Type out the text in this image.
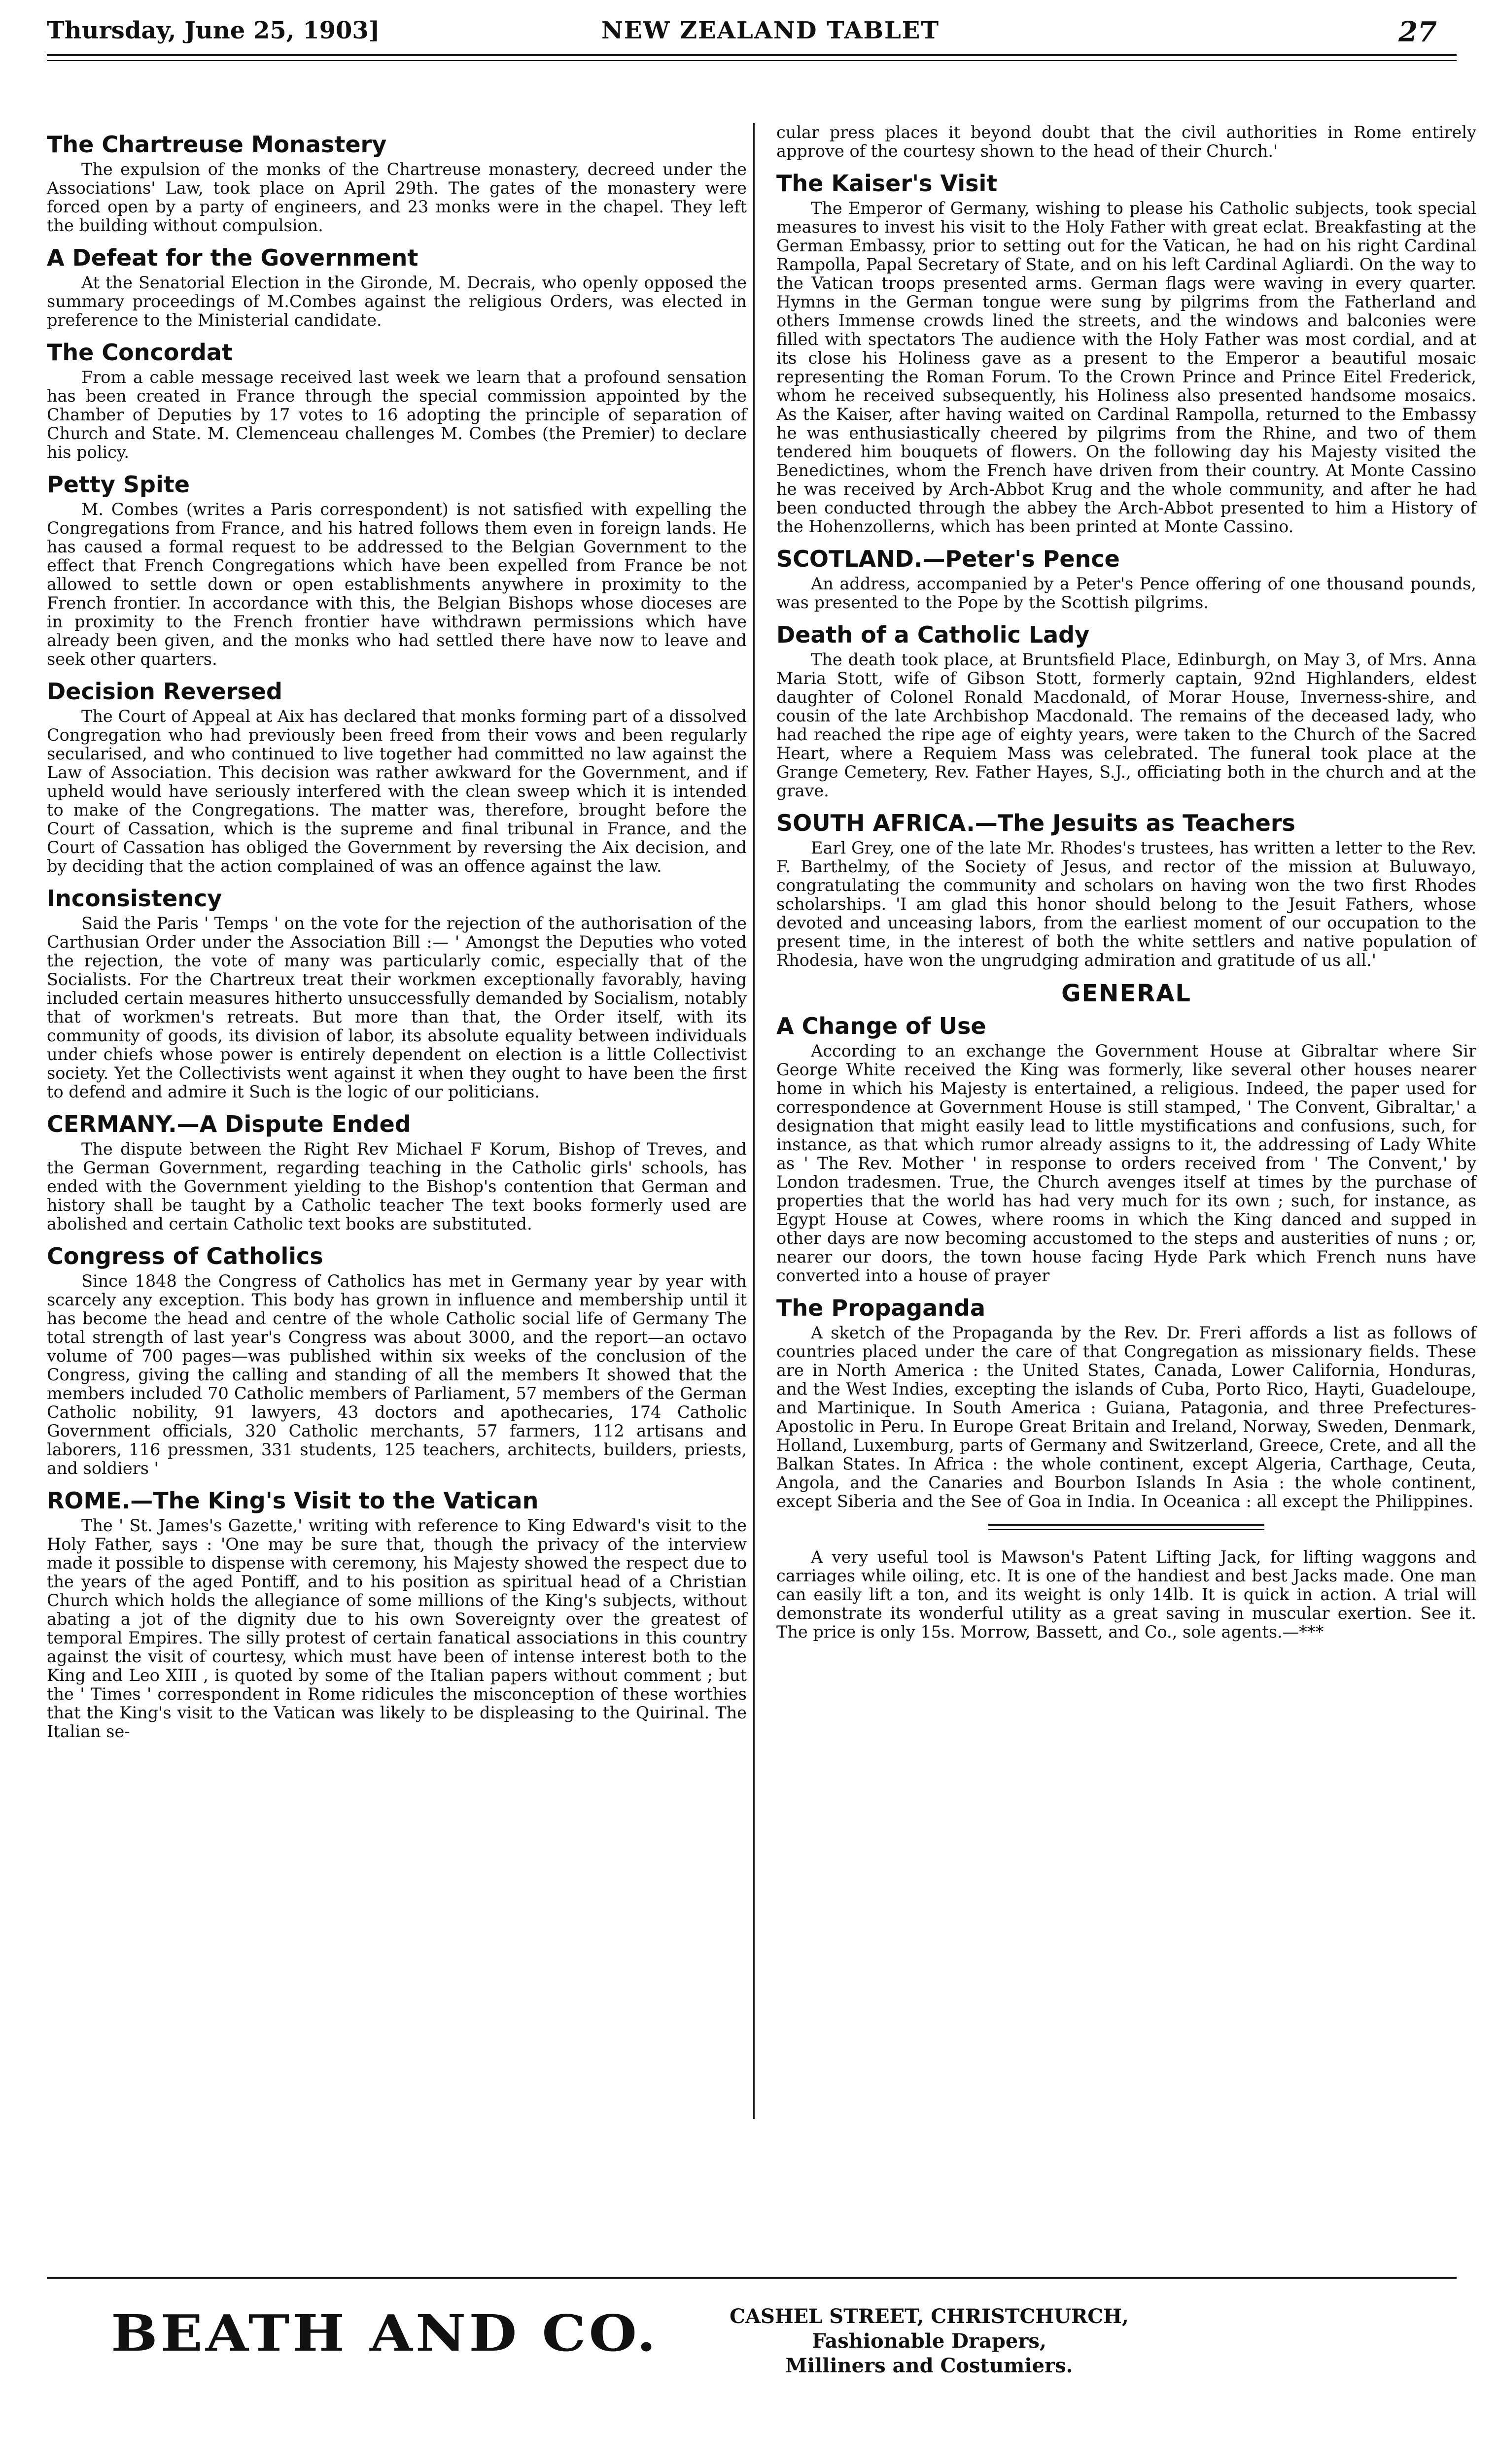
Thursday, June 25, 1903]	NEW ZEALAND TABLET	27
The Chartreuse Monastery

The expulsion of the monks of the Chartreuse monastery, decreed under the Associations' Law, took place on April 29th. The gates of the monastery were forced open by a party of engineers, and 23 monks were in the chapel. They left the building without compulsion.

A Defeat for the Government

At the Senatorial Election in the Gironde, M. Decrais, who openly opposed the summary proceedings of M.Combes against the religious Orders, was elected in preference to the Ministerial candidate.

The Concordat

From a cable message received last week we learn that a profound sensation has been created in France through the special commission appointed by the Chamber of Deputies by 17 votes to 16 adopting the principle of separation of Church and State. M. Clemenceau challenges M. Combes (the Premier) to declare his policy.

Petty Spite

M. Combes (writes a Paris correspondent) is not satisfied with expelling the Congregations from France, and his hatred follows them even in foreign lands. He has caused a formal request to be addressed to the Belgian Government to the effect that French Congregations which have been expelled from France be not allowed to settle down or open establishments anywhere in proximity to the French frontier. In accordance with this, the Belgian Bishops whose dioceses are in proximity to the French frontier have withdrawn permissions which have already been given, and the monks who had settled there have now to leave and seek other quarters.

Decision Reversed

The Court of Appeal at Aix has declared that monks forming part of a dissolved Congregation who had previously been freed from their vows and been regularly secularised, and who continued to live together had committed no law against the Law of Association. This decision was rather awkward for the Government, and if upheld would have seriously interfered with the clean sweep which it is intended to make of the Congregations. The matter was, therefore, brought before the Court of Cassation, which is the supreme and final tribunal in France, and the Court of Cassation has obliged the Government by reversing the Aix decision, and by deciding that the action complained of was an offence against the law.

Inconsistency

Said the Paris ' Temps ' on the vote for the rejection of the authorisation of the Carthusian Order under the Association Bill :— ' Amongst the Deputies who voted the rejection, the vote of many was particularly comic, especially that of the Socialists. For the Chartreux treat their workmen exceptionally favorably, having included certain measures hitherto unsuccessfully demanded by Socialism, notably that of workmen's retreats. But more than that, the Order itself, with its community of goods, its division of labor, its absolute equality between individuals under chiefs whose power is entirely dependent on election is a little Collectivist society. Yet the Collectivists went against it when they ought to have been the first to defend and admire it Such is the logic of our politicians.

CERMANY.—A Dispute Ended

The dispute between the Right Rev Michael F Korum, Bishop of Treves, and the German Government, regarding teaching in the Catholic girls' schools, has ended with the Government yielding to the Bishop's contention that German and history shall be taught by a Catholic teacher The text books formerly used are abolished and certain Catholic text books are substituted.

Congress of Catholics

Since 1848 the Congress of Catholics has met in Germany year by year with scarcely any exception. This body has grown in influence and membership until it has become the head and centre of the whole Catholic social life of Germany The total strength of last year's Congress was about 3000, and the report—an octavo volume of 700 pages—was published within six weeks of the conclusion of the Congress, giving the calling and standing of all the members It showed that the members included 70 Catholic members of Parliament, 57 members of the German Catholic nobility, 91 lawyers, 43 doctors and apothecaries, 174 Catholic Government officials, 320 Catholic merchants, 57 farmers, 112 artisans and laborers, 116 pressmen, 331 students, 125 teachers, architects, builders, priests, and soldiers '

ROME.—The King's Visit to the Vatican

The ' St. James's Gazette,' writing with reference to King Edward's visit to the Holy Father, says : 'One may be sure that, though the privacy of the interview made it possible to dispense with ceremony, his Majesty showed the respect due to the years of the aged Pontiff, and to his position as spiritual head of a Christian Church which holds the allegiance of some millions of the King's subjects, without abating a jot of the dignity due to his own Sovereignty over the greatest of temporal Empires. The silly protest of certain fanatical associations in this country against the visit of courtesy, which must have been of intense interest both to the King and Leo XIII , is quoted by some of the Italian papers without comment ; but the ' Times ' correspondent in Rome ridicules the misconception of these worthies that the King's visit to the Vatican was likely to be displeasing to the Quirinal. The Italian se-

cular press places it beyond doubt that the civil authorities in Rome entirely approve of the courtesy shown to the head of their Church.'

The Kaiser's Visit

The Emperor of Germany, wishing to please his Catholic subjects, took special measures to invest his visit to the Holy Father with great eclat. Breakfasting at the German Embassy, prior to setting out for the Vatican, he had on his right Cardinal Rampolla, Papal Secretary of State, and on his left Cardinal Agliardi. On the way to the Vatican troops presented arms. German flags were waving in every quarter. Hymns in the German tongue were sung by pilgrims from the Fatherland and others Immense crowds lined the streets, and the windows and balconies were filled with spectators The audience with the Holy Father was most cordial, and at its close his Holiness gave as a present to the Emperor a beautiful mosaic representing the Roman Forum. To the Crown Prince and Prince Eitel Frederick, whom he received subsequently, his Holiness also presented handsome mosaics. As the Kaiser, after having waited on Cardinal Rampolla, returned to the Embassy he was enthusiastically cheered by pilgrims from the Rhine, and two of them tendered him bouquets of flowers. On the following day his Majesty visited the Benedictines, whom the French have driven from their country. At Monte Cassino he was received by Arch-Abbot Krug and the whole community, and after he had been conducted through the abbey the Arch-Abbot presented to him a History of the Hohenzollerns, which has been printed at Monte Cassino.

SCOTLAND.—Peter's Pence

An address, accompanied by a Peter's Pence offering of one thousand pounds, was presented to the Pope by the Scottish pilgrims.

Death of a Catholic Lady

The death took place, at Bruntsfield Place, Edinburgh, on May 3, of Mrs. Anna Maria Stott, wife of Gibson Stott, formerly captain, 92nd Highlanders, eldest daughter of Colonel Ronald Macdonald, of Morar House, Inverness-shire, and cousin of the late Archbishop Macdonald. The remains of the deceased lady, who had reached the ripe age of eighty years, were taken to the Church of the Sacred Heart, where a Requiem Mass was celebrated. The funeral took place at the Grange Cemetery, Rev. Father Hayes, S.J., officiating both in the church and at the grave.

SOUTH AFRICA.—The Jesuits as Teachers

Earl Grey, one of the late Mr. Rhodes's trustees, has written a letter to the Rev. F. Barthelmy, of the Society of Jesus, and rector of the mission at Buluwayo, congratulating the community and scholars on having won the two first Rhodes scholarships. 'I am glad this honor should belong to the Jesuit Fathers, whose devoted and unceasing labors, from the earliest moment of our occupation to the present time, in the interest of both the white settlers and native population of Rhodesia, have won the ungrudging admiration and gratitude of us all.'

GENERAL
A Change of Use

According to an exchange the Government House at Gibraltar where Sir George White received the King was formerly, like several other houses nearer home in which his Majesty is entertained, a religious. Indeed, the paper used for correspondence at Government House is still stamped, ' The Convent, Gibraltar,' a designation that might easily lead to little mystifications and confusions, such, for instance, as that which rumor already assigns to it, the addressing of Lady White as ' The Rev. Mother ' in response to orders received from ' The Convent,' by London tradesmen. True, the Church avenges itself at times by the purchase of properties that the world has had very much for its own ; such, for instance, as Egypt House at Cowes, where rooms in which the King danced and supped in other days are now becoming accustomed to the steps and austerities of nuns ; or, nearer our doors, the town house facing Hyde Park which French nuns have converted into a house of prayer

The Propaganda

A sketch of the Propaganda by the Rev. Dr. Freri affords a list as follows of countries placed under the care of that Congregation as missionary fields. These are in North America : the United States, Canada, Lower California, Honduras, and the West Indies, excepting the islands of Cuba, Porto Rico, Hayti, Guadeloupe, and Martinique. In South America : Guiana, Patagonia, and three Prefectures-Apostolic in Peru. In Europe Great Britain and Ireland, Norway, Sweden, Denmark, Holland, Luxemburg, parts of Germany and Switzerland, Greece, Crete, and all the Balkan States. In Africa : the whole continent, except Algeria, Carthage, Ceuta, Angola, and the Canaries and Bourbon Islands In Asia : the whole continent, except Siberia and the See of Goa in India. In Oceanica : all except the Philippines.

A very useful tool is Mawson's Patent Lifting Jack, for lifting waggons and carriages while oiling, etc. It is one of the handiest and best Jacks made. One man can easily lift a ton, and its weight is only 14lb. It is quick in action. A trial will demonstrate its wonderful utility as a great saving in muscular exertion. See it. The price is only 15s. Morrow, Bassett, and Co., sole agents.—***

BEATH AND CO.	CASHEL STREET, CHRISTCHURCH, Fashionable Drapers,
Milliners and Costumiers.
